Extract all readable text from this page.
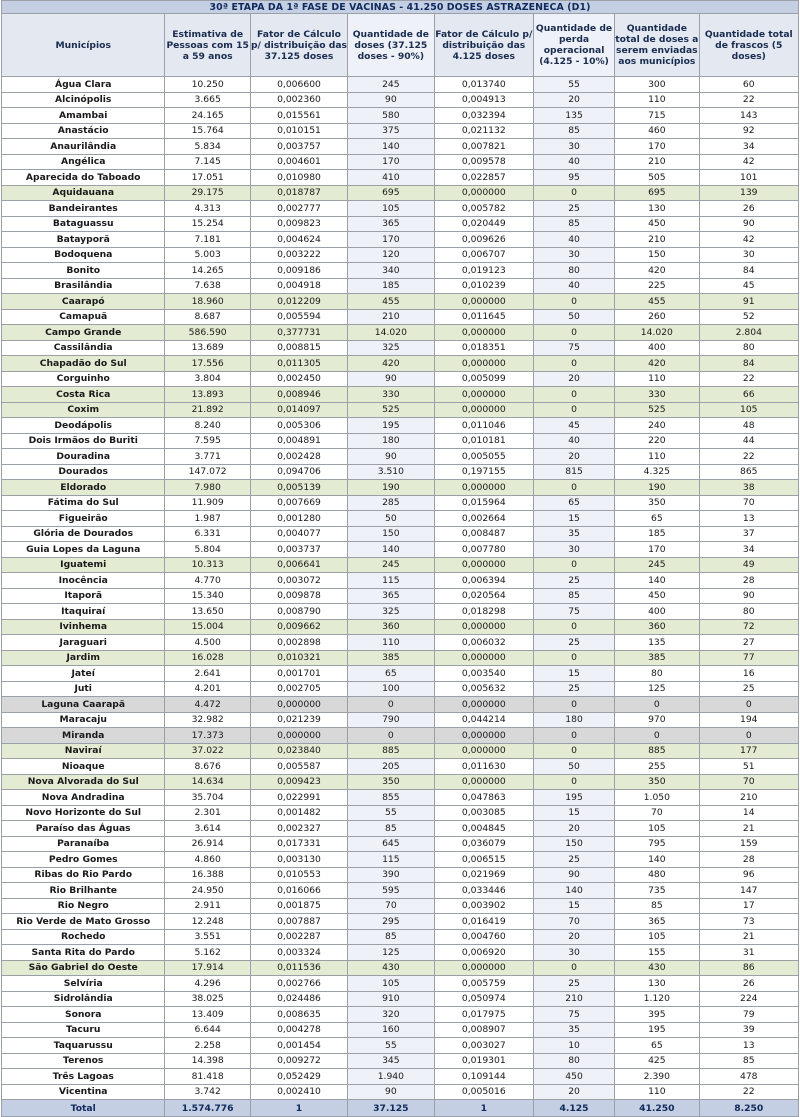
30ª ETAPA DA 1ª FASE DE VACINAS - 41.250 DOSES ASTRAZENECA (D1)							
Municípios	Estimativa de Pessoas com 15 a 59 anos	Fator de Cálculo p/ distribuição das 37.125 doses	Quantidade de doses (37.125 doses - 90%)	Fator de Cálculo p/ distribuição das 4.125 doses	Quantidade de perda operacional (4.125 - 10%)	Quantidade total de doses a serem enviadas aos municípios	Quantidade total de frascos (5 doses)
Água Clara	10.250	0,006600	245	0,013740	55	300	60
Alcinópolis	3.665	0,002360	90	0,004913	20	110	22
Amambai	24.165	0,015561	580	0,032394	135	715	143
Anastácio	15.764	0,010151	375	0,021132	85	460	92
Anaurilândia	5.834	0,003757	140	0,007821	30	170	34
Angélica	7.145	0,004601	170	0,009578	40	210	42
Aparecida do Taboado	17.051	0,010980	410	0,022857	95	505	101
Aquidauana	29.175	0,018787	695	0,000000	0	695	139
Bandeirantes	4.313	0,002777	105	0,005782	25	130	26
Bataguassu	15.254	0,009823	365	0,020449	85	450	90
Batayporã	7.181	0,004624	170	0,009626	40	210	42
Bodoquena	5.003	0,003222	120	0,006707	30	150	30
Bonito	14.265	0,009186	340	0,019123	80	420	84
Brasilândia	7.638	0,004918	185	0,010239	40	225	45
Caarapó	18.960	0,012209	455	0,000000	0	455	91
Camapuã	8.687	0,005594	210	0,011645	50	260	52
Campo Grande	586.590	0,377731	14.020	0,000000	0	14.020	2.804
Cassilândia	13.689	0,008815	325	0,018351	75	400	80
Chapadão do Sul	17.556	0,011305	420	0,000000	0	420	84
Corguinho	3.804	0,002450	90	0,005099	20	110	22
Costa Rica	13.893	0,008946	330	0,000000	0	330	66
Coxim	21.892	0,014097	525	0,000000	0	525	105
Deodápolis	8.240	0,005306	195	0,011046	45	240	48
Dois Irmãos do Buriti	7.595	0,004891	180	0,010181	40	220	44
Douradina	3.771	0,002428	90	0,005055	20	110	22
Dourados	147.072	0,094706	3.510	0,197155	815	4.325	865
Eldorado	7.980	0,005139	190	0,000000	0	190	38
Fátima do Sul	11.909	0,007669	285	0,015964	65	350	70
Figueirão	1.987	0,001280	50	0,002664	15	65	13
Glória de Dourados	6.331	0,004077	150	0,008487	35	185	37
Guia Lopes da Laguna	5.804	0,003737	140	0,007780	30	170	34
Iguatemi	10.313	0,006641	245	0,000000	0	245	49
Inocência	4.770	0,003072	115	0,006394	25	140	28
Itaporã	15.340	0,009878	365	0,020564	85	450	90
Itaquiraí	13.650	0,008790	325	0,018298	75	400	80
Ivinhema	15.004	0,009662	360	0,000000	0	360	72
Jaraguari	4.500	0,002898	110	0,006032	25	135	27
Jardim	16.028	0,010321	385	0,000000	0	385	77
Jateí	2.641	0,001701	65	0,003540	15	80	16
Juti	4.201	0,002705	100	0,005632	25	125	25
Laguna Caarapã	4.472	0,000000	0	0,000000	0	0	0
Maracaju	32.982	0,021239	790	0,044214	180	970	194
Miranda	17.373	0,000000	0	0,000000	0	0	0
Naviraí	37.022	0,023840	885	0,000000	0	885	177
Nioaque	8.676	0,005587	205	0,011630	50	255	51
Nova Alvorada do Sul	14.634	0,009423	350	0,000000	0	350	70
Nova Andradina	35.704	0,022991	855	0,047863	195	1.050	210
Novo Horizonte do Sul	2.301	0,001482	55	0,003085	15	70	14
Paraíso das Águas	3.614	0,002327	85	0,004845	20	105	21
Paranaíba	26.914	0,017331	645	0,036079	150	795	159
Pedro Gomes	4.860	0,003130	115	0,006515	25	140	28
Ribas do Rio Pardo	16.388	0,010553	390	0,021969	90	480	96
Rio Brilhante	24.950	0,016066	595	0,033446	140	735	147
Rio Negro	2.911	0,001875	70	0,003902	15	85	17
Rio Verde de Mato Grosso	12.248	0,007887	295	0,016419	70	365	73
Rochedo	3.551	0,002287	85	0,004760	20	105	21
Santa Rita do Pardo	5.162	0,003324	125	0,006920	30	155	31
São Gabriel do Oeste	17.914	0,011536	430	0,000000	0	430	86
Selvíria	4.296	0,002766	105	0,005759	25	130	26
Sidrolândia	38.025	0,024486	910	0,050974	210	1.120	224
Sonora	13.409	0,008635	320	0,017975	75	395	79
Tacuru	6.644	0,004278	160	0,008907	35	195	39
Taquarussu	2.258	0,001454	55	0,003027	10	65	13
Terenos	14.398	0,009272	345	0,019301	80	425	85
Três Lagoas	81.418	0,052429	1.940	0,109144	450	2.390	478
Vicentina	3.742	0,002410	90	0,005016	20	110	22
Total	1.574.776	1	37.125	1	4.125	41.250	8.250
